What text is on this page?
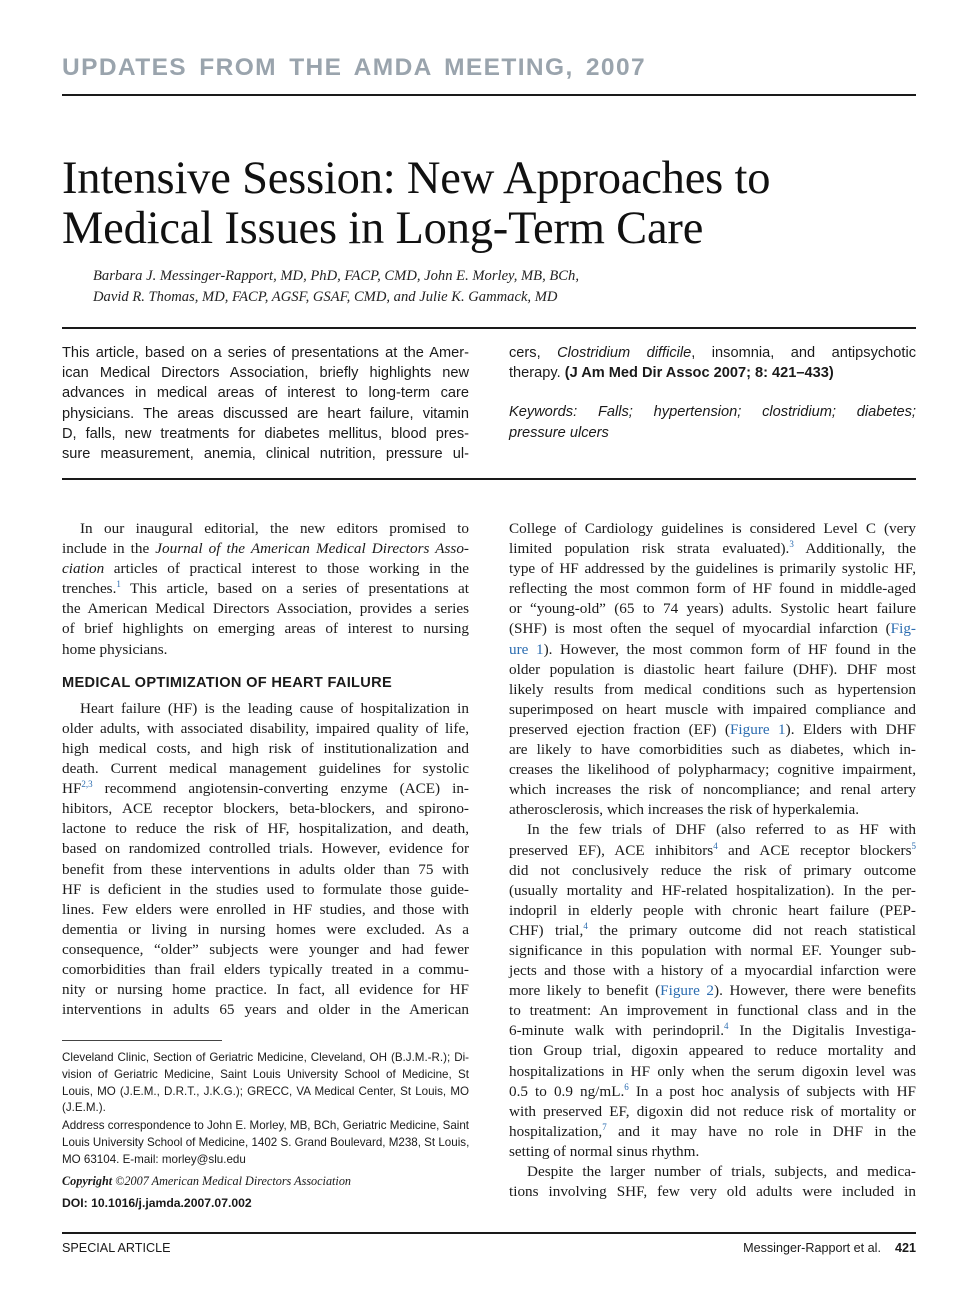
UPDATES FROM THE AMDA MEETING, 2007
Intensive Session: New Approaches to
Medical Issues in Long-Term Care
Barbara J. Messinger-Rapport, MD, PhD, FACP, CMD, John E. Morley, MB, BCh,
David R. Thomas, MD, FACP, AGSF, GSAF, CMD, and Julie K. Gammack, MD
This article, based on a series of presentations at the Amer-
ican Medical Directors Association, briefly highlights new
advances in medical areas of interest to long-term care
physicians. The areas discussed are heart failure, vitamin
D, falls, new treatments for diabetes mellitus, blood pres-
sure measurement, anemia, clinical nutrition, pressure ul-
cers, Clostridium difficile, insomnia, and antipsychotic
therapy. (J Am Med Dir Assoc 2007; 8: 421–433)
Keywords: Falls; hypertension; clostridium; diabetes;
pressure ulcers
In our inaugural editorial, the new editors promised to
include in the Journal of the American Medical Directors Asso-
ciation articles of practical interest to those working in the
trenches.$^1$ This article, based on a series of presentations at
the American Medical Directors Association, provides a series
of brief highlights on emerging areas of interest to nursing
home physicians.
MEDICAL OPTIMIZATION OF HEART FAILURE
Heart failure (HF) is the leading cause of hospitalization in
older adults, with associated disability, impaired quality of life,
high medical costs, and high risk of institutionalization and
death. Current medical management guidelines for systolic
HF$^{2,3}$ recommend angiotensin-converting enzyme (ACE) in-
hibitors, ACE receptor blockers, beta-blockers, and spirono-
lactone to reduce the risk of HF, hospitalization, and death,
based on randomized controlled trials. However, evidence for
benefit from these interventions in adults older than 75 with
HF is deficient in the studies used to formulate those guide-
lines. Few elders were enrolled in HF studies, and those with
dementia or living in nursing homes were excluded. As a
consequence, “older” subjects were younger and had fewer
comorbidities than frail elders typically treated in a commu-
nity or nursing home practice. In fact, all evidence for HF
interventions in adults 65 years and older in the American
College of Cardiology guidelines is considered Level C (very
limited population risk strata evaluated).$^3$ Additionally, the
type of HF addressed by the guidelines is primarily systolic HF,
reflecting the most common form of HF found in middle-aged
or “young-old” (65 to 74 years) adults. Systolic heart failure
(SHF) is most often the sequel of myocardial infarction (Fig-
ure 1). However, the most common form of HF found in the
older population is diastolic heart failure (DHF). DHF most
likely results from medical conditions such as hypertension
superimposed on heart muscle with impaired compliance and
preserved ejection fraction (EF) (Figure 1). Elders with DHF
are likely to have comorbidities such as diabetes, which in-
creases the likelihood of polypharmacy; cognitive impairment,
which increases the risk of noncompliance; and renal artery
atherosclerosis, which increases the risk of hyperkalemia.
In the few trials of DHF (also referred to as HF with
preserved EF), ACE inhibitors$^4$ and ACE receptor blockers$^5$
did not conclusively reduce the risk of primary outcome
(usually mortality and HF-related hospitalization). In the per-
indopril in elderly people with chronic heart failure (PEP-
CHF) trial,$^4$ the primary outcome did not reach statistical
significance in this population with normal EF. Younger sub-
jects and those with a history of a myocardial infarction were
more likely to benefit (Figure 2). However, there were benefits
to treatment: An improvement in functional class and in the
6-minute walk with perindopril.$^4$ In the Digitalis Investiga-
tion Group trial, digoxin appeared to reduce mortality and
hospitalizations in HF only when the serum digoxin level was
0.5 to 0.9 ng/mL.$^6$ In a post hoc analysis of subjects with HF
with preserved EF, digoxin did not reduce risk of mortality or
hospitalization,$^7$ and it may have no role in DHF in the
setting of normal sinus rhythm.
Despite the larger number of trials, subjects, and medica-
tions involving SHF, few very old adults were included in
Cleveland Clinic, Section of Geriatric Medicine, Cleveland, OH (B.J.M.-R.); Di-
vision of Geriatric Medicine, Saint Louis University School of Medicine, St
Louis, MO (J.E.M., D.R.T., J.K.G.); GRECC, VA Medical Center, St Louis, MO
(J.E.M.).
Address correspondence to John E. Morley, MB, BCh, Geriatric Medicine, Saint
Louis University School of Medicine, 1402 S. Grand Boulevard, M238, St Louis,
MO 63104. E-mail: morley@slu.edu
Copyright ©2007 American Medical Directors Association
DOI: 10.1016/j.jamda.2007.07.002
SPECIAL ARTICLE	Messinger-Rapport et al. 421
